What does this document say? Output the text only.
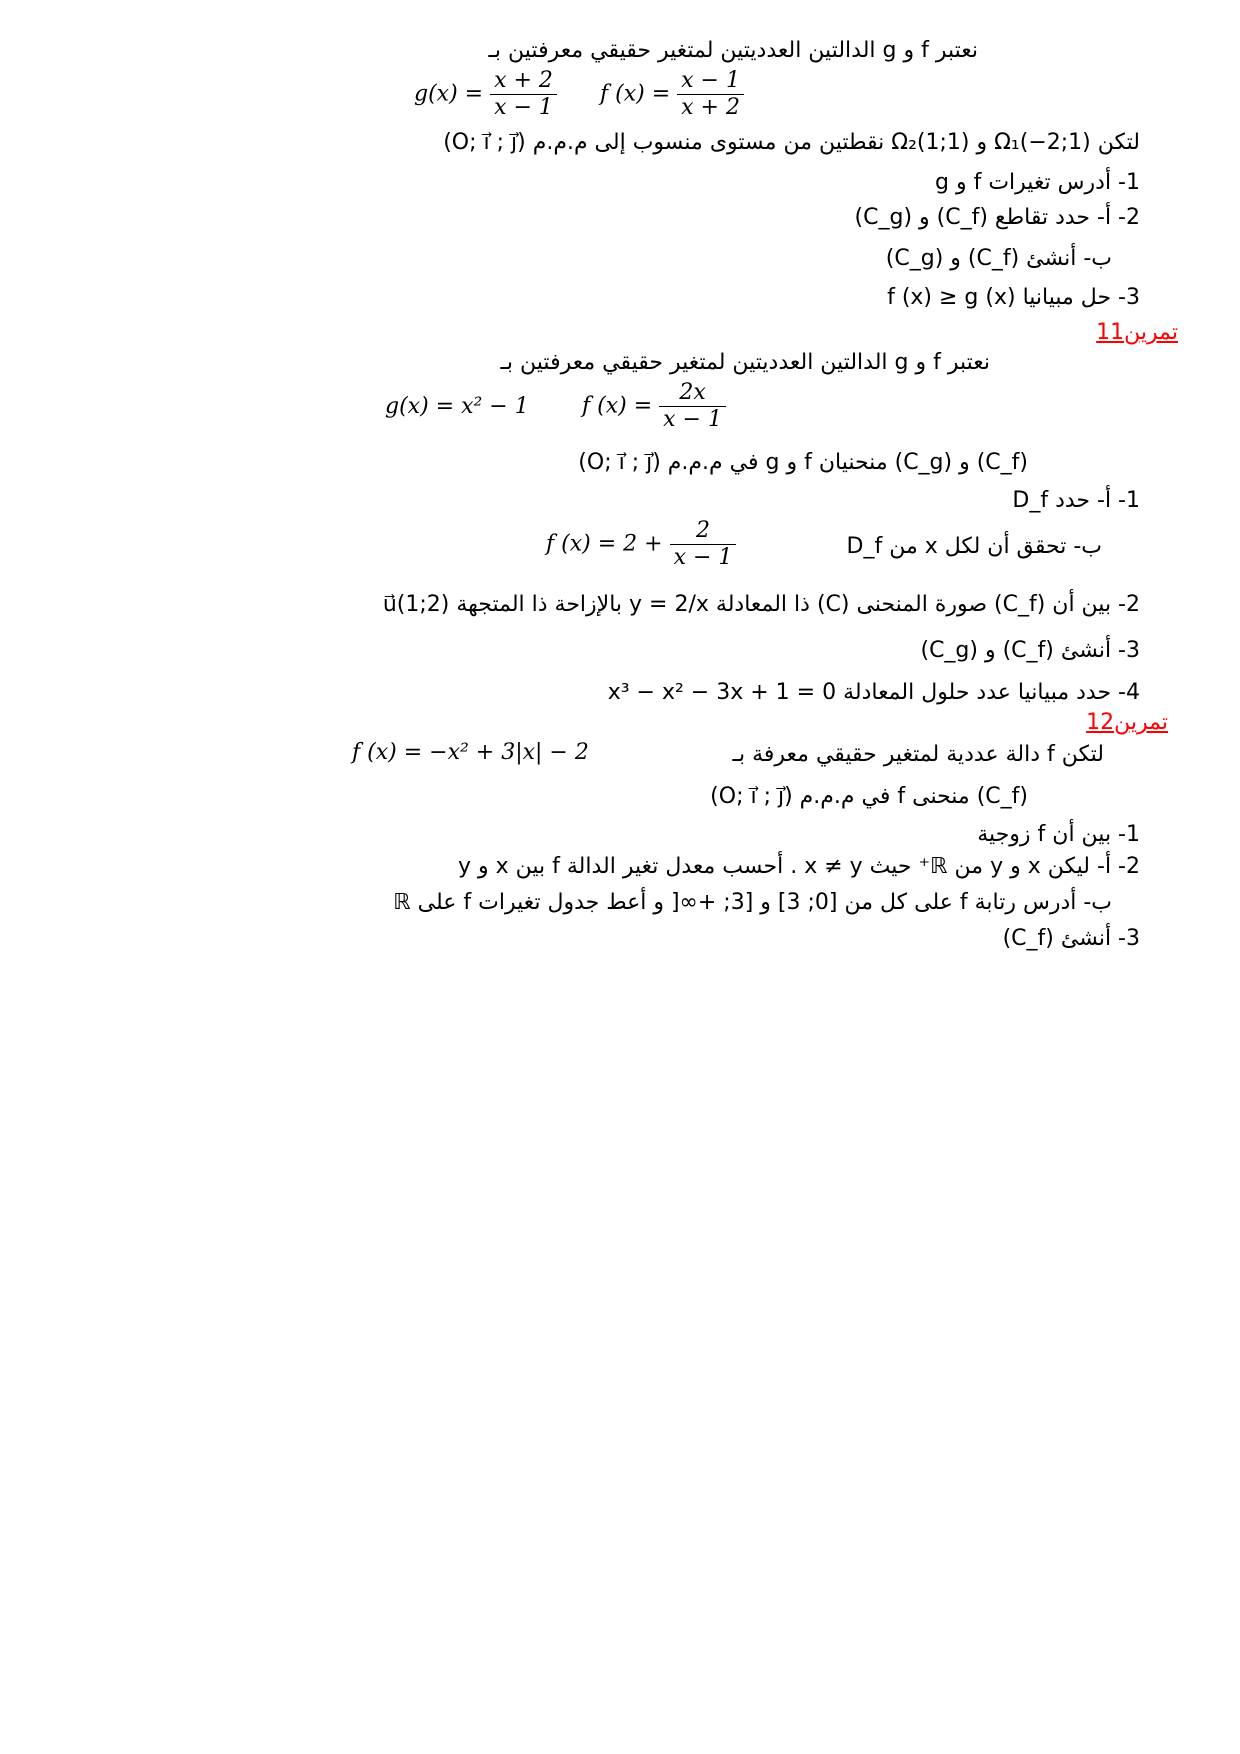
نعتبر f و g الدالتين العدديتين لمتغير حقيقي معرفتين بـ
$g(x) = \frac{x + 2}{x - 1}$ f $(x) = \frac{x - 1}{x + 2}$
لتكن Ω₁(−2;1) و Ω₂(1;1) نقطتين من مستوى منسوب إلى م.م.م (O; i⃗ ; j⃗)
1- أدرس تغيرات f و g
2- أ- حدد تقاطع (C_f) و (C_g)
ب- أنشئ (C_f) و (C_g)
3- حل مبيانيا f (x) ≥ g (x)
تمرين11
نعتبر f و g الدالتين العدديتين لمتغير حقيقي معرفتين بـ
g(x) = x² − 1 f $(x) = \frac{2x}{x - 1}$
(C_f) و (C_g) منحنيان f و g في م.م.م (O; i⃗ ; j⃗)
1- أ- حدد D_f
ب- تحقق أن لكل x من D_f
f $(x) = 2 + \frac{2}{x - 1}$
2- بين أن (C_f) صورة المنحنى (C) ذا المعادلة y = 2/x بالإزاحة ذا المتجهة u⃗(1;2)
3- أنشئ (C_f) و (C_g)
4- حدد مبيانيا عدد حلول المعادلة x³ − x² − 3x + 1 = 0
تمرين12
لتكن f دالة عددية لمتغير حقيقي معرفة بـ
f (x) = −x² + 3|x| − 2
(C_f) منحنى f في م.م.م (O; i⃗ ; j⃗)
1- بين أن f زوجية
2- أ- ليكن x و y من ℝ⁺ حيث x ≠ y . أحسب معدل تغير الدالة f بين x و y
ب- أدرس رتابة f على كل من [0; 3] و [3; +∞[ و أعط جدول تغيرات f على ℝ
3- أنشئ (C_f)
